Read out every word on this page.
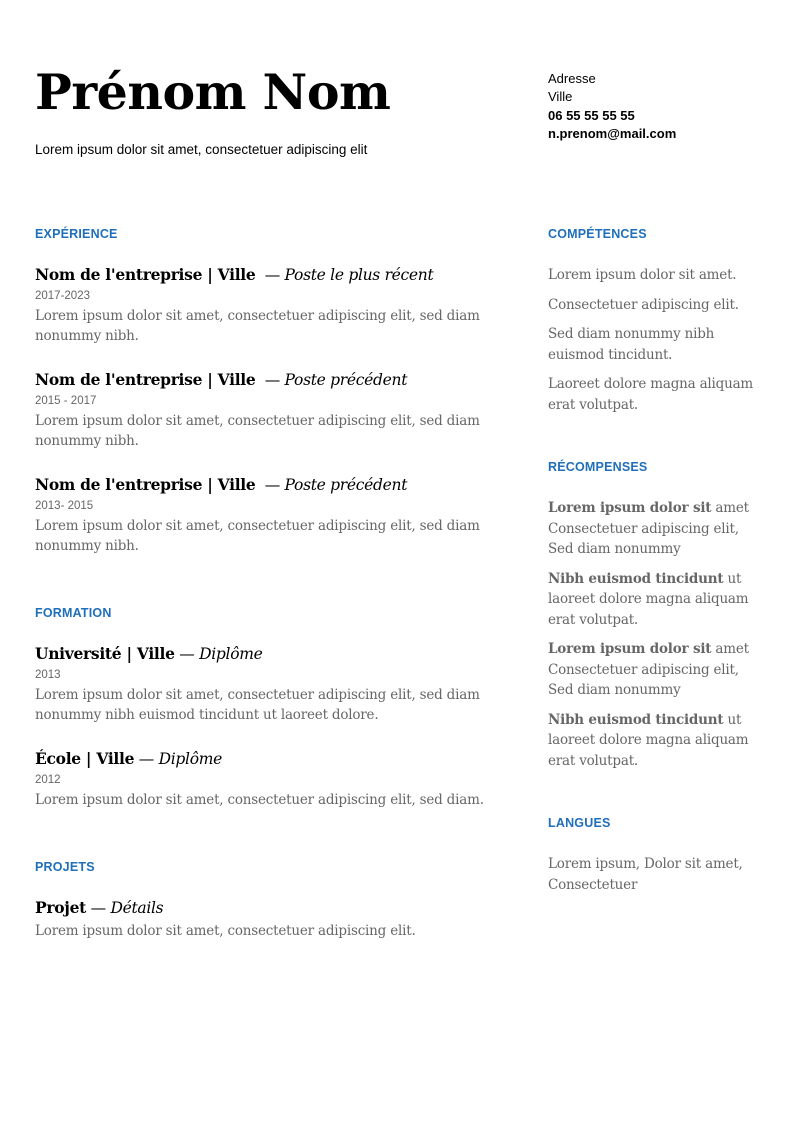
Prénom Nom
Lorem ipsum dolor sit amet, consectetuer adipiscing elit
Adresse
Ville
06 55 55 55 55
n.prenom@mail.com
EXPÉRIENCE
Nom de l'entreprise | Ville  — Poste le plus récent
2017-2023
Lorem ipsum dolor sit amet, consectetuer adipiscing elit, sed diam nonummy nibh.
Nom de l'entreprise | Ville  — Poste précédent
2015 - 2017
Lorem ipsum dolor sit amet, consectetuer adipiscing elit, sed diam nonummy nibh.
Nom de l'entreprise | Ville  — Poste précédent
2013- 2015
Lorem ipsum dolor sit amet, consectetuer adipiscing elit, sed diam nonummy nibh.
FORMATION
Université | Ville — Diplôme
2013
Lorem ipsum dolor sit amet, consectetuer adipiscing elit, sed diam nonummy nibh euismod tincidunt ut laoreet dolore.
École | Ville — Diplôme
2012
Lorem ipsum dolor sit amet, consectetuer adipiscing elit, sed diam.
PROJETS
Projet — Détails
Lorem ipsum dolor sit amet, consectetuer adipiscing elit.
COMPÉTENCES

Lorem ipsum dolor sit amet.

Consectetuer adipiscing elit.

Sed diam nonummy nibh euismod tincidunt.

Laoreet dolore magna aliquam erat volutpat.

RÉCOMPENSES

Lorem ipsum dolor sit amet Consectetuer adipiscing elit, Sed diam nonummy

Nibh euismod tincidunt ut laoreet dolore magna aliquam erat volutpat.

Lorem ipsum dolor sit amet Consectetuer adipiscing elit, Sed diam nonummy

Nibh euismod tincidunt ut laoreet dolore magna aliquam erat volutpat.

LANGUES

Lorem ipsum, Dolor sit amet, Consectetuer
